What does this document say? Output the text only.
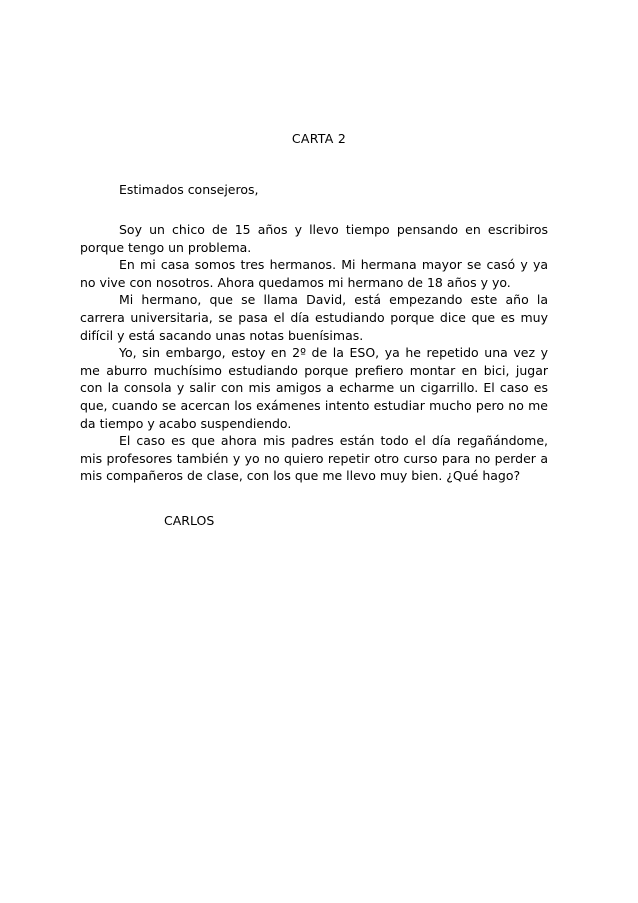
CARTA 2
Estimados consejeros,

Soy un chico de 15 años y llevo tiempo pensando en escribiros porque tengo un problema.

En mi casa somos tres hermanos. Mi hermana mayor se casó y ya no vive con nosotros. Ahora quedamos mi hermano de 18 años y yo.

Mi hermano, que se llama David, está empezando este año la carrera universitaria, se pasa el día estudiando porque dice que es muy difícil y está sacando unas notas buenísimas.

Yo, sin embargo, estoy en 2º de la ESO, ya he repetido una vez y me aburro muchísimo estudiando porque prefiero montar en bici, jugar con la consola y salir con mis amigos a echarme un cigarrillo. El caso es que, cuando se acercan los exámenes intento estudiar mucho pero no me da tiempo y acabo suspendiendo.

El caso es que ahora mis padres están todo el día regañándome, mis profesores también y yo no quiero repetir otro curso para no perder a mis compañeros de clase, con los que me llevo muy bien. ¿Qué hago?

CARLOS
